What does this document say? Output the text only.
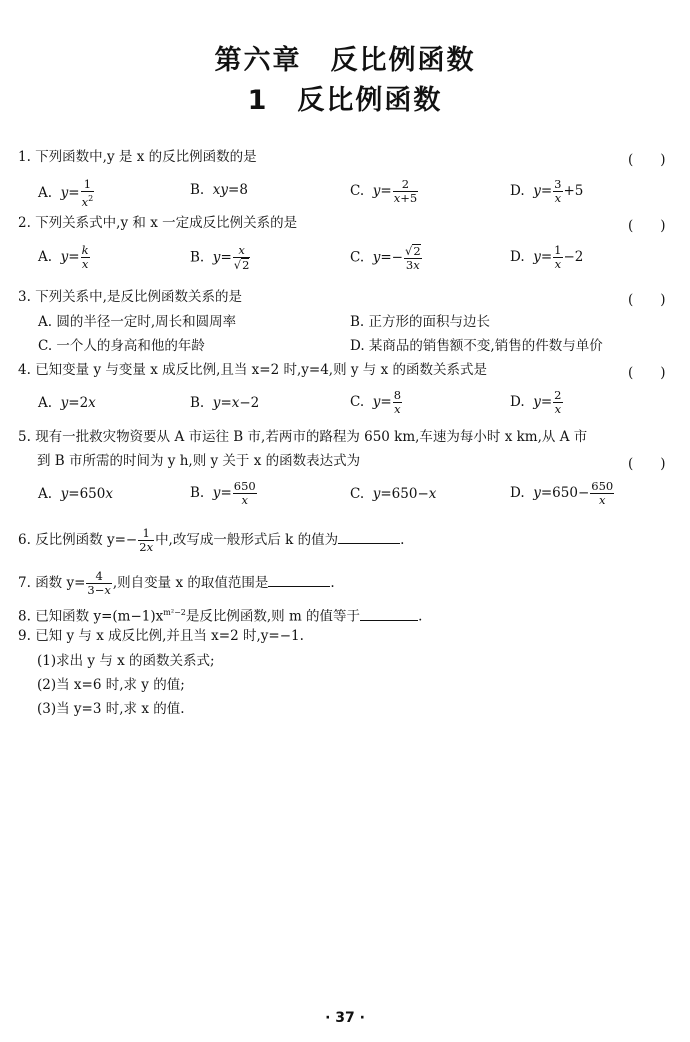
第六章　反比例函数
1　反比例函数
1. 下列函数中,y 是 x 的反比例函数的是	(　　)
A.  $y= \frac{1}{x^2}$	B.  xy=8	C.  $y= \frac{2}{x+5}$	D.  $y= \frac{3}{x} +5$
2. 下列关系式中,y 和 x 一定成反比例关系的是	(　　)
A.  $y= \frac{k}{x}$	B.  $y= \frac{x}{√2}$	C.  $y=- \frac{√2}{3x}$	D.  $y= \frac{1}{x} -2$
3. 下列关系中,是反比例函数关系的是	(　　)
A. 圆的半径一定时,周长和圆周率	B. 正方形的面积与边长
C. 一个人的身高和他的年龄	D. 某商品的销售额不变,销售的件数与单价
4. 已知变量 y 与变量 x 成反比例,且当 x=2 时,y=4,则 y 与 x 的函数关系式是	(　　)
A.  y=2x	B.  y=x−2	C.  $y= \frac{8}{x}$	D.  $y= \frac{2}{x}$
5. 现有一批救灾物资要从 A 市运往 B 市,若两市的路程为 650 km,车速为每小时 x km,从 A 市
到 B 市所需的时间为 y h,则 y 关于 x 的函数表达式为	(　　)
A.  y=650x	B.  $y= \frac{650}{x}$	C.  y=650−x	D.  $y=650- \frac{650}{x}$
6. 反比例函数 $y=- \frac{1}{2x}$ 中,改写成一般形式后 k 的值为	.
7. 函数 $y= \frac{4}{3-x}$ ,则自变量 x 的取值范围是	.
8. 已知函数 $y=(m-1)x^{m^2-2}$是反比例函数,则 m 的值等于	.
9. 已知 y 与 x 成反比例,并且当 x=2 时,y=−1.
(1)求出 y 与 x 的函数关系式;
(2)当 x=6 时,求 y 的值;
(3)当 y=3 时,求 x 的值.
· 37 ·
